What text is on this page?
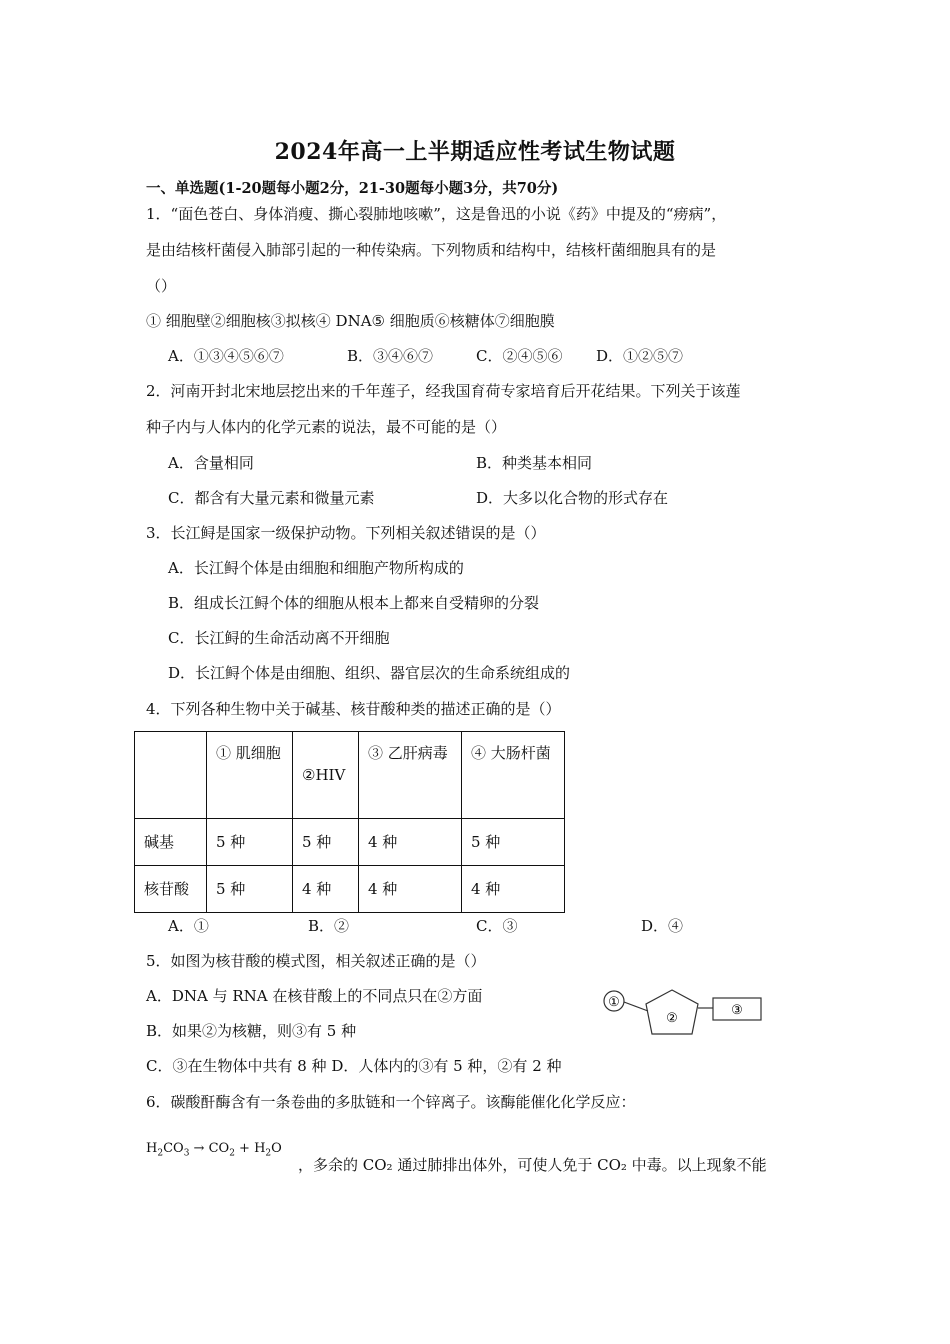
2024年高一上半期适应性考试生物试题
一、单选题(1-20题每小题2分，21-30题每小题3分，共70分)
1．“面色苍白、身体消瘦、撕心裂肺地咳嗽”，这是鲁迅的小说《药》中提及的“痨病”，
是由结核杆菌侵入肺部引起的一种传染病。下列物质和结构中，结核杆菌细胞具有的是
（）
① 细胞壁②细胞核③拟核④ DNA⑤ 细胞质⑥核糖体⑦细胞膜
A．①③④⑤⑥⑦	B．③④⑥⑦	C．②④⑤⑥ D．①②⑤⑦
2．河南开封北宋地层挖出来的千年莲子，经我国育荷专家培育后开花结果。下列关于该莲
种子内与人体内的化学元素的说法，最不可能的是（）
A．含量相同	B．种类基本相同
C．都含有大量元素和微量元素	D．大多以化合物的形式存在
3．长江鲟是国家一级保护动物。下列相关叙述错误的是（）
A．长江鲟个体是由细胞和细胞产物所构成的
B．组成长江鲟个体的细胞从根本上都来自受精卵的分裂
C．长江鲟的生命活动离不开细胞
D．长江鲟个体是由细胞、组织、器官层次的生命系统组成的
4．下列各种生物中关于碱基、核苷酸种类的描述正确的是（）
	① 肌细胞	②HIV	③ 乙肝病毒	④ 大肠杆菌
碱基	5 种	5 种	4 种	5 种
核苷酸	5 种	4 种	4 种	4 种
A．①	B．②	C．③	D．④
5．如图为核苷酸的模式图，相关叙述正确的是（）
A．DNA 与 RNA 在核苷酸上的不同点只在②方面
B．如果②为核糖，则③有 5 种
C．③在生物体中共有 8 种 D．人体内的③有 5 种，②有 2 种
①
②
③
6．碳酸酐酶含有一条卷曲的多肽链和一个锌离子。该酶能催化化学反应：
$H_2CO_3 \to CO_2 + H_2O$
，多余的 CO₂ 通过肺排出体外，可使人免于 CO₂ 中毒。以上现象不能
